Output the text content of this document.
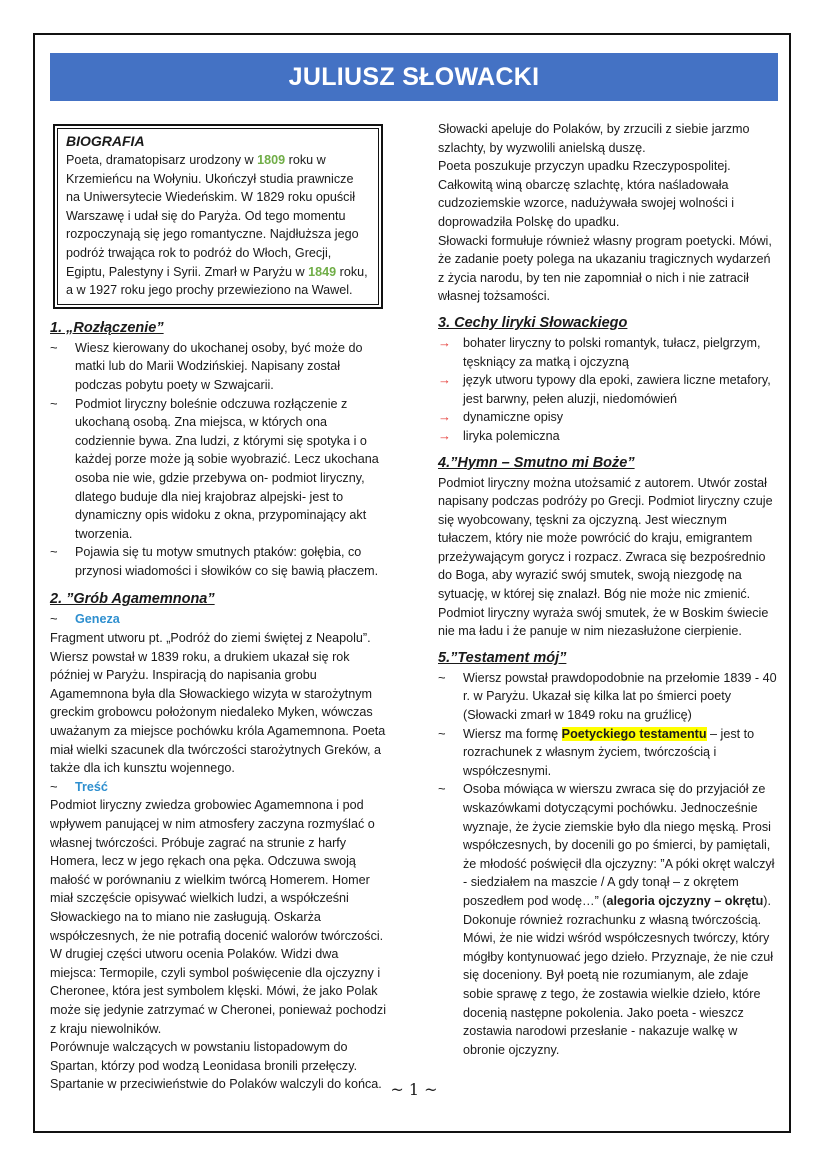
JULIUSZ SŁOWACKI
BIOGRAFIA

Poeta, dramatopisarz urodzony w 1809 roku w Krzemieńcu na Wołyniu. Ukończył studia prawnicze na Uniwersytecie Wiedeńskim. W 1829 roku opuścił Warszawę i udał się do Paryża. Od tego momentu rozpoczynają się jego romantyczne. Najdłuższa jego podróż trwająca rok to podróż do Włoch, Grecji, Egiptu, Palestyny i Syrii. Zmarł w Paryżu w 1849 roku, a w 1927 roku jego prochy przewieziono na Wawel.

1. „Rozłączenie”
~ Wiesz kierowany do ukochanej osoby, być może do matki lub do Marii Wodzińskiej. Napisany został podczas pobytu poety w Szwajcarii.
~ Podmiot liryczny boleśnie odczuwa rozłączenie z ukochaną osobą. Zna miejsca, w których ona codziennie bywa. Zna ludzi, z którymi się spotyka i o każdej porze może ją sobie wyobrazić. Lecz ukochana osoba nie wie, gdzie przebywa on- podmiot liryczny, dlatego buduje dla niej krajobraz alpejski- jest to dynamiczny opis widoku z okna, przypominający akt tworzenia.
~ Pojawia się tu motyw smutnych ptaków: gołębia, co przynosi wiadomości i słowików co się bawią płaczem.
2. ”Grób Agamemnona”
~ Geneza

Fragment utworu pt. „Podróż do ziemi świętej z Neapolu”. Wiersz powstał w 1839 roku, a drukiem ukazał się rok później w Paryżu. Inspiracją do napisania grobu Agamemnona była dla Słowackiego wizyta w starożytnym greckim grobowcu położonym niedaleko Myken, wówczas uważanym za miejsce pochówku króla Agamemnona. Poeta miał wielki szacunek dla twórczości starożytnych Greków, a także dla ich kunsztu wojennego.

~ Treść

Podmiot liryczny zwiedza grobowiec Agamemnona i pod wpływem panującej w nim atmosfery zaczyna rozmyślać o własnej twórczości. Próbuje zagrać na strunie z harfy Homera, lecz w jego rękach ona pęka. Odczuwa swoją małość w porównaniu z wielkim twórcą Homerem. Homer miał szczęście opisywać wielkich ludzi, a współcześni Słowackiego na to miano nie zasługują. Oskarża współczesnych, że nie potrafią docenić walorów twórczości. W drugiej części utworu ocenia Polaków. Widzi dwa miejsca: Termopile, czyli symbol poświęcenie dla ojczyzny i Cheronee, która jest symbolem klęski. Mówi, że jako Polak może się jedynie zatrzymać w Cheronei, ponieważ pochodzi z kraju niewolników.

Porównuje walczących w powstaniu listopadowym do Spartan, którzy pod wodzą Leonidasa bronili przełęczy. Spartanie w przeciwieństwie do Polaków walczyli do końca.

Słowacki apeluje do Polaków, by zrzucili z siebie jarzmo szlachty, by wyzwolili anielską duszę.

Poeta poszukuje przyczyn upadku Rzeczypospolitej. Całkowitą winą obarczę szlachtę, która naśladowała cudzoziemskie wzorce, nadużywała swojej wolności i doprowadziła Polskę do upadku.

Słowacki formułuje również własny program poetycki. Mówi, że zadanie poety polega na ukazaniu tragicznych wydarzeń z życia narodu, by ten nie zapomniał o nich i nie zatracił własnej tożsamości.

3. Cechy liryki Słowackiego
→ bohater liryczny to polski romantyk, tułacz, pielgrzym, tęskniący za matką i ojczyzną
→ język utworu typowy dla epoki, zawiera liczne metafory, jest barwny, pełen aluzji, niedomówień
→ dynamiczne opisy
→ liryka polemiczna
4.”Hymn – Smutno mi Boże”

Podmiot liryczny można utożsamić z autorem. Utwór został napisany podczas podróży po Grecji. Podmiot liryczny czuje się wyobcowany, tęskni za ojczyzną. Jest wiecznym tułaczem, który nie może powrócić do kraju, emigrantem przeżywającym gorycz i rozpacz. Zwraca się bezpośrednio do Boga, aby wyrazić swój smutek, swoją niezgodę na sytuację, w której się znalazł. Bóg nie może nic zmienić. Podmiot liryczny wyraża swój smutek, że w Boskim świecie nie ma ładu i że panuje w nim niezasłużone cierpienie.

5.”Testament mój”
~ Wiersz powstał prawdopodobnie na przełomie 1839 - 40 r. w Paryżu. Ukazał się kilka lat po śmierci poety (Słowacki zmarł w 1849 roku na gruźlicę)
~ Wiersz ma formę Poetyckiego testamentu – jest to rozrachunek z własnym życiem, twórczością i współczesnymi.
~ Osoba mówiąca w wierszu zwraca się do przyjaciół ze wskazówkami dotyczącymi pochówku. Jednocześnie wyznaje, że życie ziemskie było dla niego męską. Prosi współczesnych, by docenili go po śmierci, by pamiętali, że młodość poświęcił dla ojczyzny: ”A póki okręt walczył - siedziałem na maszcie / A gdy tonął – z okrętem poszedłem pod wodę…” (alegoria ojczyzny – okrętu). Dokonuje również rozrachunku z własną twórczością. Mówi, że nie widzi wśród współczesnych twórczy, który mógłby kontynuować jego dzieło. Przyznaje, że nie czuł się doceniony. Był poetą nie rozumianym, ale zdaje sobie sprawę z tego, że zostawia wielkie dzieło, które docenią następne pokolenia. Jako poeta - wieszcz zostawia narodowi przesłanie - nakazuje walkę w obronie ojczyzny.
~ 1 ~
